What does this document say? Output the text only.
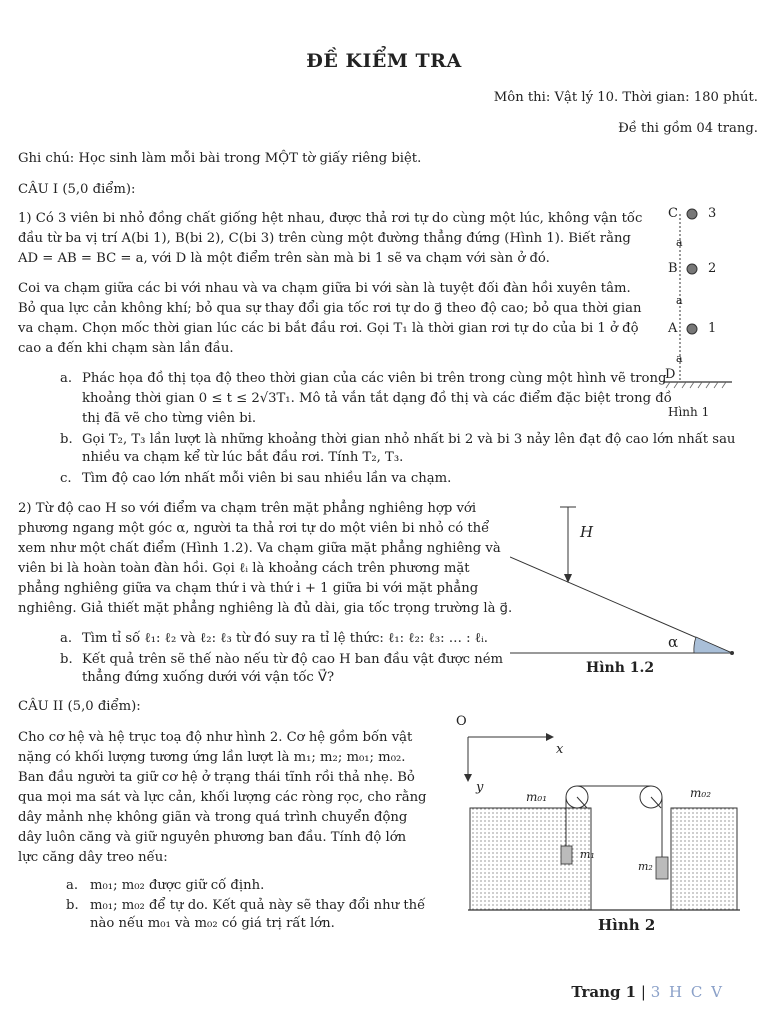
ĐỀ KIỂM TRA
Môn thi: Vật lý 10. Thời gian: 180 phút.
Đề thi gồm 04 trang.
Ghi chú: Học sinh làm mỗi bài trong MỘT tờ giấy riêng biệt.
CÂU I (5,0 điểm):
1) Có 3 viên bi nhỏ đồng chất giống hệt nhau, được thả rơi tự do cùng một lúc, không vận tốc
đầu từ ba vị trí A(bi 1), B(bi 2), C(bi 3) trên cùng một đường thẳng đứng (Hình 1). Biết rằng
AD = AB = BC = a, với D là một điểm trên sàn mà bi 1 sẽ va chạm với sàn ở đó.
Coi va chạm giữa các bi với nhau và va chạm giữa bi với sàn là tuyệt đối đàn hồi xuyên tâm.
Bỏ qua lực cản không khí; bỏ qua sự thay đổi gia tốc rơi tự do g⃗ theo độ cao; bỏ qua thời gian
va chạm. Chọn mốc thời gian lúc các bi bắt đầu rơi. Gọi T₁ là thời gian rơi tự do của bi 1 ở độ
cao a đến khi chạm sàn lần đầu.
a. Phác họa đồ thị tọa độ theo thời gian của các viên bi trên trong cùng một hình vẽ trong
khoảng thời gian 0 ≤ t ≤ 2√3T₁. Mô tả vắn tắt dạng đồ thị và các điểm đặc biệt trong đồ
thị đã vẽ cho từng viên bi.
b. Gọi T₂, T₃ lần lượt là những khoảng thời gian nhỏ nhất bi 2 và bi 3 nảy lên đạt độ cao lớn nhất sau
nhiều va chạm kể từ lúc bắt đầu rơi. Tính T₂, T₃.
c. Tìm độ cao lớn nhất mỗi viên bi sau nhiều lần va chạm.
2) Từ độ cao H so với điểm va chạm trên mặt phẳng nghiêng hợp với
phương ngang một góc α, người ta thả rơi tự do một viên bi nhỏ có thể
xem như một chất điểm (Hình 1.2). Va chạm giữa mặt phẳng nghiêng và
viên bi là hoàn toàn đàn hồi. Gọi ℓᵢ là khoảng cách trên phương mặt
phẳng nghiêng giữa va chạm thứ i và thứ i + 1 giữa bi với mặt phẳng
nghiêng. Giả thiết mặt phẳng nghiêng là đủ dài, gia tốc trọng trường là g⃗.
a. Tìm tỉ số ℓ₁: ℓ₂ và ℓ₂: ℓ₃ từ đó suy ra tỉ lệ thức: ℓ₁: ℓ₂: ℓ₃: … : ℓᵢ.
b. Kết quả trên sẽ thế nào nếu từ độ cao H ban đầu vật được ném
thẳng đứng xuống dưới với vận tốc V⃗?
CÂU II (5,0 điểm):
Cho cơ hệ và hệ trục toạ độ như hình 2. Cơ hệ gồm bốn vật
nặng có khối lượng tương ứng lần lượt là m₁; m₂; m₀₁; m₀₂.
Ban đầu người ta giữ cơ hệ ở trạng thái tĩnh rồi thả nhẹ. Bỏ
qua mọi ma sát và lực cản, khối lượng các ròng rọc, cho rằng
dây mảnh nhẹ không giãn và trong quá trình chuyển động
dây luôn căng và giữ nguyên phương ban đầu. Tính độ lớn
lực căng dây treo nếu:
a. m₀₁; m₀₂ được giữ cố định.
b. m₀₁; m₀₂ để tự do. Kết quả này sẽ thay đổi như thế
nào nếu m₀₁ và m₀₂ có giá trị rất lớn.
C 3
B 2
A 1
D
a
a
a
Hình 1
H
α
Hình 1.2
O
x
y
m₀₁	m₀₂
m₁
m₂
Hình 2
Trang 1 | 3 H C V
